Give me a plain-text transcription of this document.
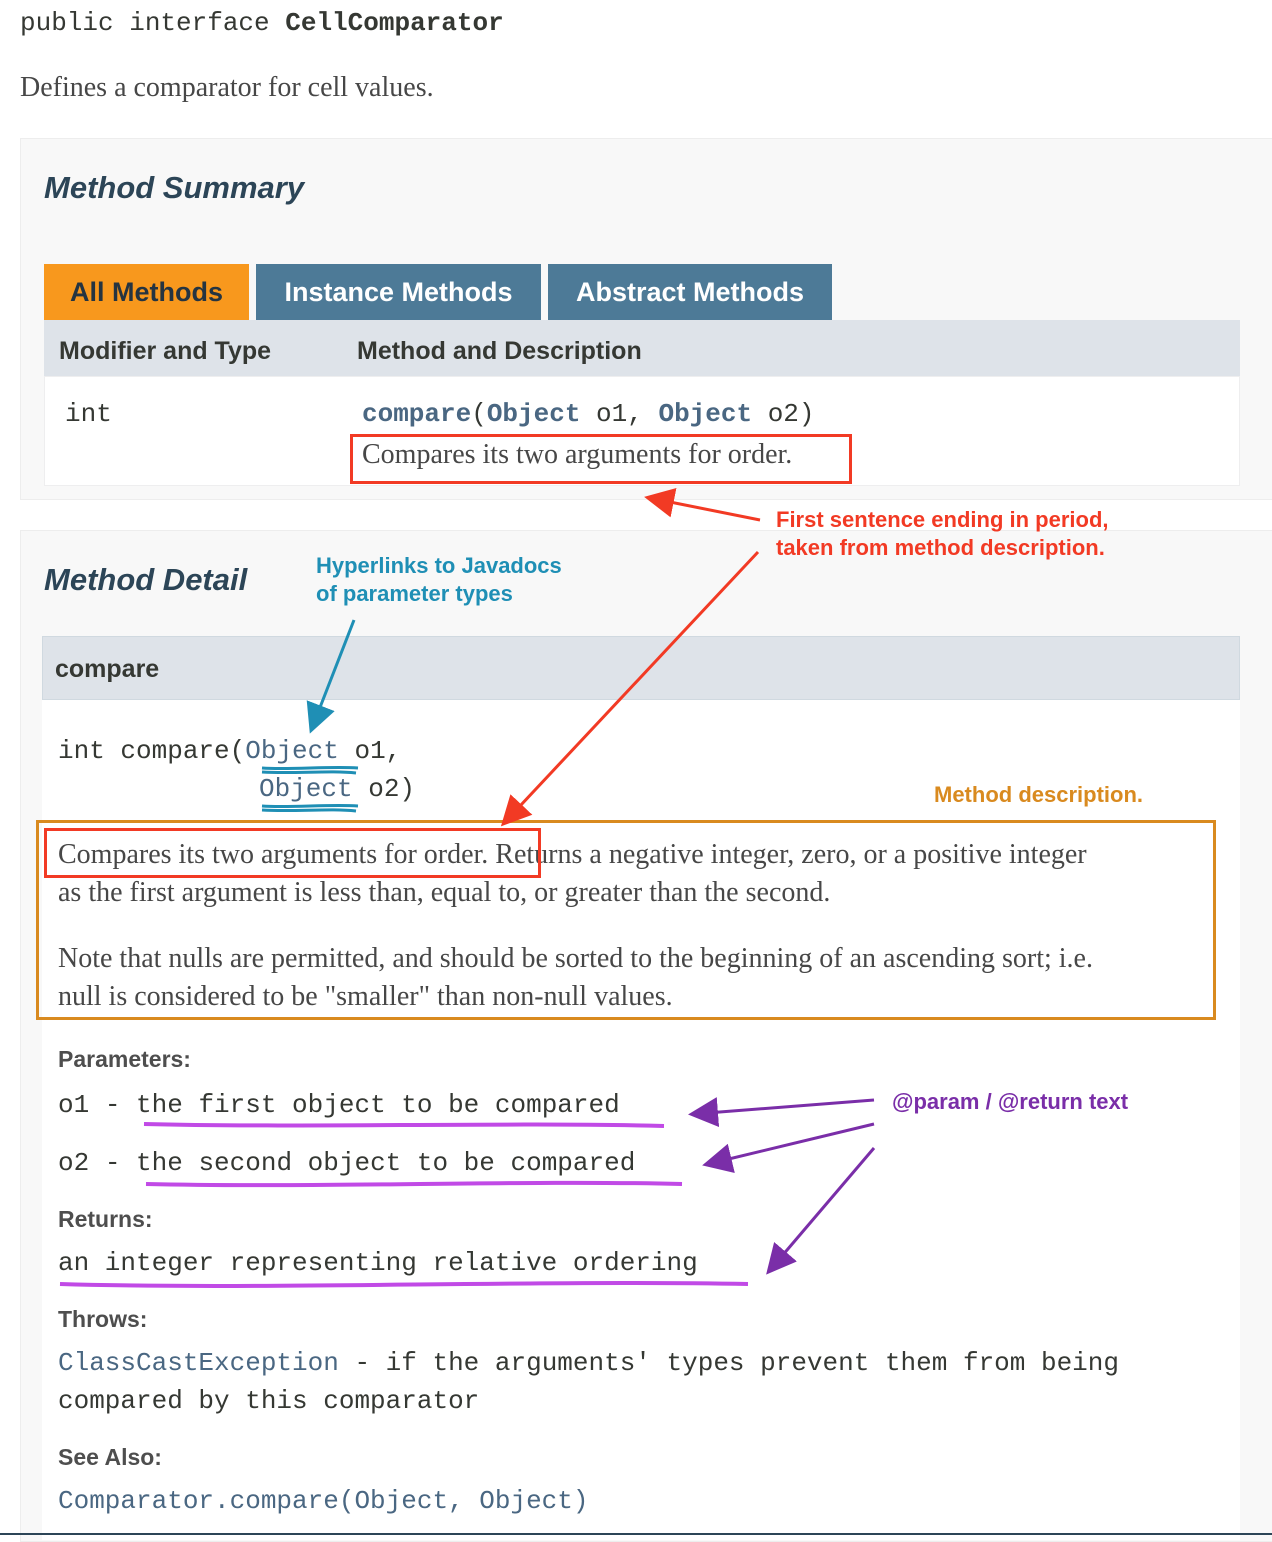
public interface CellComparator
Defines a comparator for cell values.
Method Summary
All Methods	Instance Methods	Abstract Methods
Modifier and Type	Method and Description
int	compare(Object o1, Object o2)
Compares its two arguments for order.
Method Detail
compare
int compare(Object o1,
Object o2)
Compares its two arguments for order. Returns a negative integer, zero, or a positive integer
as the first argument is less than, equal to, or greater than the second.
Note that nulls are permitted, and should be sorted to the beginning of an ascending sort; i.e.
null is considered to be "smaller" than non-null values.
Parameters:
o1 - the first object to be compared
o2 - the second object to be compared
Returns:
an integer representing relative ordering
Throws:
ClassCastException - if the arguments' types prevent them from being
compared by this comparator
See Also:
Comparator.compare(Object, Object)
First sentence ending in period,
taken from method description.
Hyperlinks to Javadocs
of parameter types
Method description.
@param / @return text
